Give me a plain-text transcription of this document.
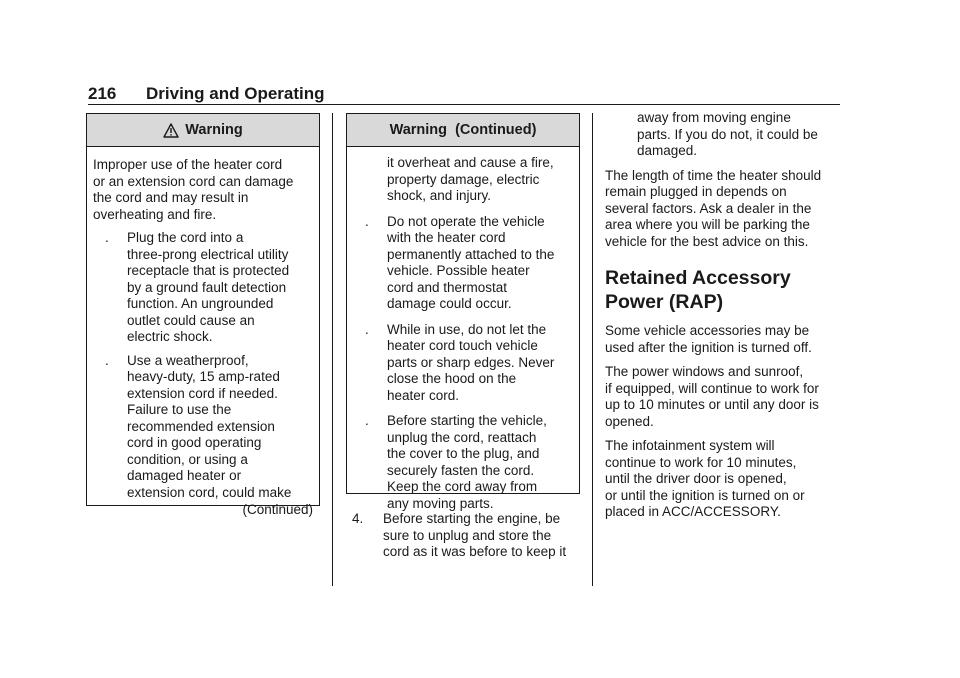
216 Driving and Operating
Warning

Improper use of the heater cord
or an extension cord can damage
the cord and may result in
overheating and fire.

. Plug the cord into a
three-prong electrical utility
receptacle that is protected
by a ground fault detection
function. An ungrounded
outlet could cause an
electric shock.
. Use a weatherproof,
heavy-duty, 15 amp-rated
extension cord if needed.
Failure to use the
recommended extension
cord in good operating
condition, or using a
damaged heater or
extension cord, could make
(Continued)
Warning  (Continued)

it overheat and cause a fire,
property damage, electric
shock, and injury.

. Do not operate the vehicle
with the heater cord
permanently attached to the
vehicle. Possible heater
cord and thermostat
damage could occur.
. While in use, do not let the
heater cord touch vehicle
parts or sharp edges. Never
close the hood on the
heater cord.
. Before starting the vehicle,
unplug the cord, reattach
the cover to the plug, and
securely fasten the cord.
Keep the cord away from
any moving parts.
4. Before starting the engine, be
sure to unplug and store the
cord as it was before to keep it

away from moving engine
parts. If you do not, it could be
damaged.

The length of time the heater should
remain plugged in depends on
several factors. Ask a dealer in the
area where you will be parking the
vehicle for the best advice on this.

Retained Accessory
Power (RAP)

Some vehicle accessories may be
used after the ignition is turned off.

The power windows and sunroof,
if equipped, will continue to work for
up to 10 minutes or until any door is
opened.

The infotainment system will
continue to work for 10 minutes,
until the driver door is opened,
or until the ignition is turned on or
placed in ACC/ACCESSORY.
